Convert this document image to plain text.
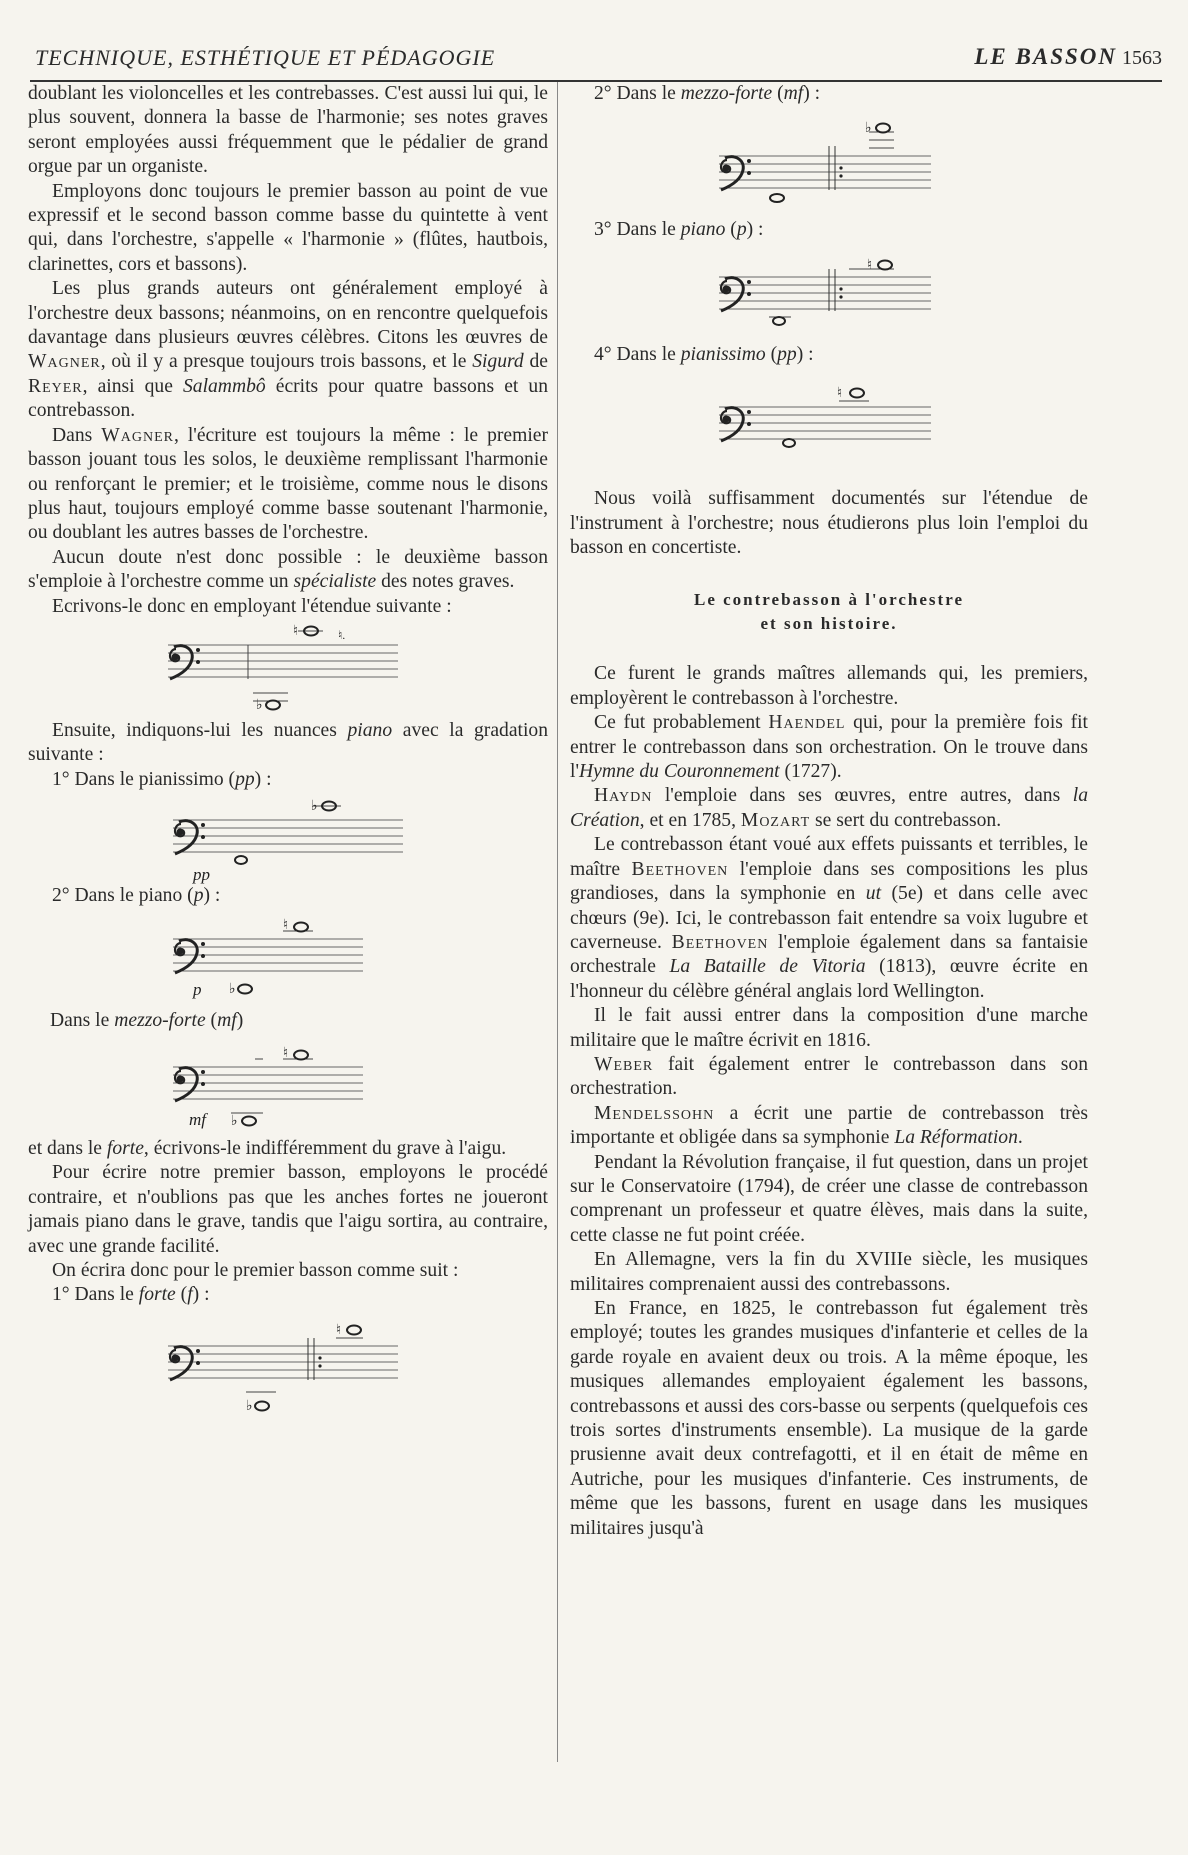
TECHNIQUE, ESTHÉTIQUE ET PÉDAGOGIE	LE BASSON 1563

doublant les violoncelles et les contrebasses. C'est aussi lui qui, le plus souvent, donnera la basse de l'harmonie; ses notes graves seront employées aussi fréquemment que le pédalier de grand orgue par un organiste.

Employons donc toujours le premier basson au point de vue expressif et le second basson comme basse du quintette à vent qui, dans l'orchestre, s'appelle « l'harmonie » (flûtes, hautbois, clarinettes, cors et bassons).

Les plus grands auteurs ont généralement employé à l'orchestre deux bassons; néanmoins, on en rencontre quelquefois davantage dans plusieurs œuvres célèbres. Citons les œuvres de Wagner, où il y a presque toujours trois bassons, et le Sigurd de Reyer, ainsi que Salammbô écrits pour quatre bassons et un contrebasson.

Dans Wagner, l'écriture est toujours la même : le premier basson jouant tous les solos, le deuxième remplissant l'harmonie ou renforçant le premier; et le troisième, comme nous le disons plus haut, toujours employé comme basse soutenant l'harmonie, ou doublant les autres basses de l'orchestre.

Aucun doute n'est donc possible : le deuxième basson s'emploie à l'orchestre comme un spécialiste des notes graves.

Ecrivons-le donc en employant l'étendue suivante :

♮	♮.
♭

Ensuite, indiquons-lui les nuances piano avec la gradation suivante :

1° Dans le pianissimo (pp) :
♭
pp
2° Dans le piano (p) :
♮
♭
p
Dans le mezzo-forte (mf)
♮
♭
mf

et dans le forte, écrivons-le indifféremment du grave à l'aigu.

Pour écrire notre premier basson, employons le procédé contraire, et n'oublions pas que les anches fortes ne joueront jamais piano dans le grave, tandis que l'aigu sortira, au contraire, avec une grande facilité.

On écrira donc pour le premier basson comme suit :

1° Dans le forte (f) :
♮
♭
2° Dans le mezzo-forte (mf) :
♭
3° Dans le piano (p) :
♮
4° Dans le pianissimo (pp) :
♮

Nous voilà suffisamment documentés sur l'étendue de l'instrument à l'orchestre; nous étudierons plus loin l'emploi du basson en concertiste.

Le contrebasson à l'orchestre
et son histoire.

Ce furent le grands maîtres allemands qui, les premiers, employèrent le contrebasson à l'orchestre.

Ce fut probablement Haendel qui, pour la première fois fit entrer le contrebasson dans son orchestration. On le trouve dans l'Hymne du Couronnement (1727).

Haydn l'emploie dans ses œuvres, entre autres, dans la Création, et en 1785, Mozart se sert du contrebasson.

Le contrebasson étant voué aux effets puissants et terribles, le maître Beethoven l'emploie dans ses compositions les plus grandioses, dans la symphonie en ut (5e) et dans celle avec chœurs (9e). Ici, le contrebasson fait entendre sa voix lugubre et caverneuse. Beethoven l'emploie également dans sa fantaisie orchestrale La Bataille de Vitoria (1813), œuvre écrite en l'honneur du célèbre général anglais lord Wellington.

Il le fait aussi entrer dans la composition d'une marche militaire que le maître écrivit en 1816.

Weber fait également entrer le contrebasson dans son orchestration.

Mendelssohn a écrit une partie de contrebasson très importante et obligée dans sa symphonie La Réformation.

Pendant la Révolution française, il fut question, dans un projet sur le Conservatoire (1794), de créer une classe de contrebasson comprenant un professeur et quatre élèves, mais dans la suite, cette classe ne fut point créée.

En Allemagne, vers la fin du XVIIIe siècle, les musiques militaires comprenaient aussi des contrebassons.

En France, en 1825, le contrebasson fut également très employé; toutes les grandes musiques d'infanterie et celles de la garde royale en avaient deux ou trois. A la même époque, les musiques allemandes employaient également les bassons, contrebassons et aussi des cors-basse ou serpents (quelquefois ces trois sortes d'instruments ensemble). La musique de la garde prusienne avait deux contrefagotti, et il en était de même en Autriche, pour les musiques d'infanterie. Ces instruments, de même que les bassons, furent en usage dans les musiques militaires jusqu'à
